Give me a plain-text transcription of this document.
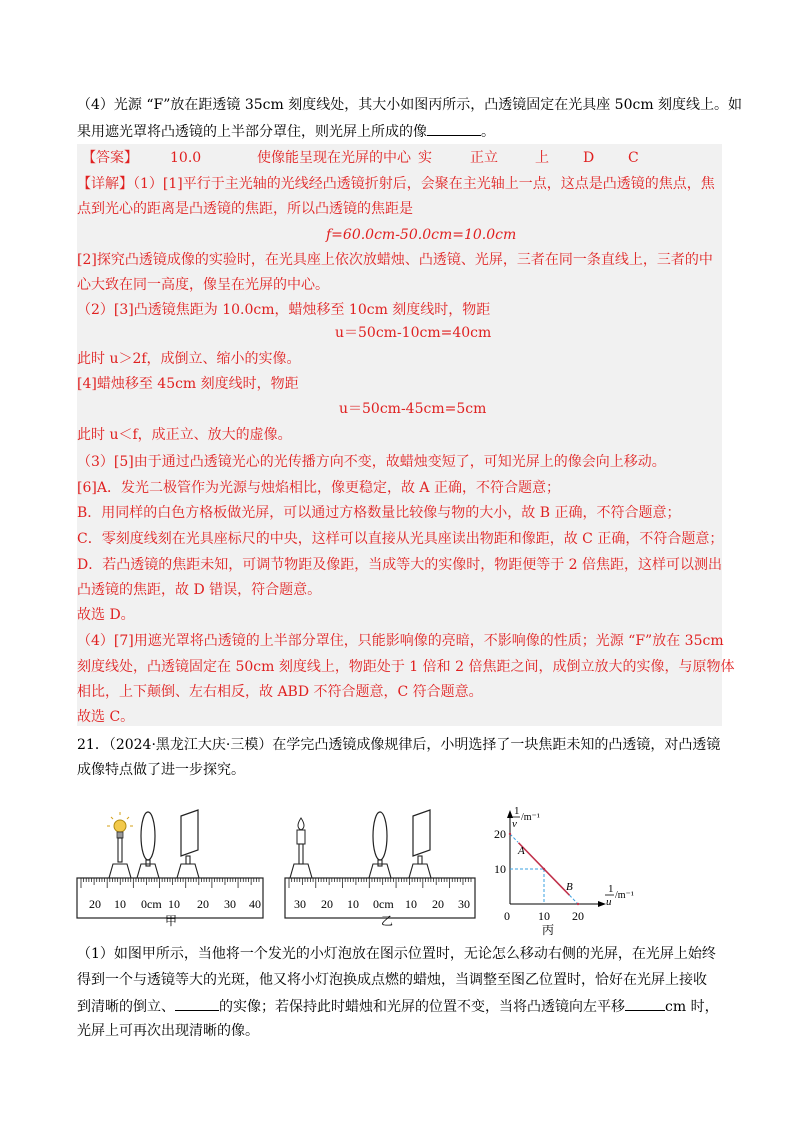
（4）光源 “F”放在距透镜 35cm 刻度线处，其大小如图丙所示，凸透镜固定在光具座 50cm 刻度线上。如
果用遮光罩将凸透镜的上半部分罩住，则光屏上所成的像	。
【答案】 10.0	使像能呈现在光屏的中心 实	正立	上 D C
【详解】（1）[1]平行于主光轴的光线经凸透镜折射后，会聚在主光轴上一点，这点是凸透镜的焦点，焦
点到光心的距离是凸透镜的焦距，所以凸透镜的焦距是
f=60.0cm-50.0cm=10.0cm
[2]探究凸透镜成像的实验时，在光具座上依次放蜡烛、凸透镜、光屏，三者在同一条直线上，三者的中
心大致在同一高度，像呈在光屏的中心。
（2）[3]凸透镜焦距为 10.0cm，蜡烛移至 10cm 刻度线时，物距
u＝50cm-10cm=40cm
此时 u＞2f，成倒立、缩小的实像。
[4]蜡烛移至 45cm 刻度线时，物距
u＝50cm-45cm=5cm
此时 u＜f，成正立、放大的虚像。
（3）[5]由于通过凸透镜光心的光传播方向不变，故蜡烛变短了，可知光屏上的像会向上移动。
[6]A．发光二极管作为光源与烛焰相比，像更稳定，故 A 正确，不符合题意；
B．用同样的白色方格板做光屏，可以通过方格数量比较像与物的大小，故 B 正确，不符合题意；
C．零刻度线刻在光具座标尺的中央，这样可以直接从光具座读出物距和像距，故 C 正确，不符合题意；
D．若凸透镜的焦距未知，可调节物距及像距，当成等大的实像时，物距便等于 2 倍焦距，这样可以测出
凸透镜的焦距，故 D 错误，符合题意。
故选 D。
（4）[7]用遮光罩将凸透镜的上半部分罩住，只能影响像的亮暗，不影响像的性质；光源 “F”放在 35cm
刻度线处，凸透镜固定在 50cm 刻度线上，物距处于 1 倍和 2 倍焦距之间，成倒立放大的实像，与原物体
相比，上下颠倒、左右相反，故 ABD 不符合题意，C 符合题意。
故选 C。
21．（2024·黑龙江大庆·三模）在学完凸透镜成像规律后，小明选择了一块焦距未知的凸透镜，对凸透镜
成像特点做了进一步探究。
20 10 0cm 10 20 30 40
甲
30 20 10 0cm 10 20 30
乙
1
v
/m⁻¹
1
u
/m⁻¹
20
10
0 10 20
A
B
丙
（1）如图甲所示，当他将一个发光的小灯泡放在图示位置时，无论怎么移动右侧的光屏，在光屏上始终
得到一个与透镜等大的光斑，他又将小灯泡换成点燃的蜡烛，当调整至图乙位置时，恰好在光屏上接收
到清晰的倒立、	的实像；若保持此时蜡烛和光屏的位置不变，当将凸透镜向左平移	cm 时，
光屏上可再次出现清晰的像。
